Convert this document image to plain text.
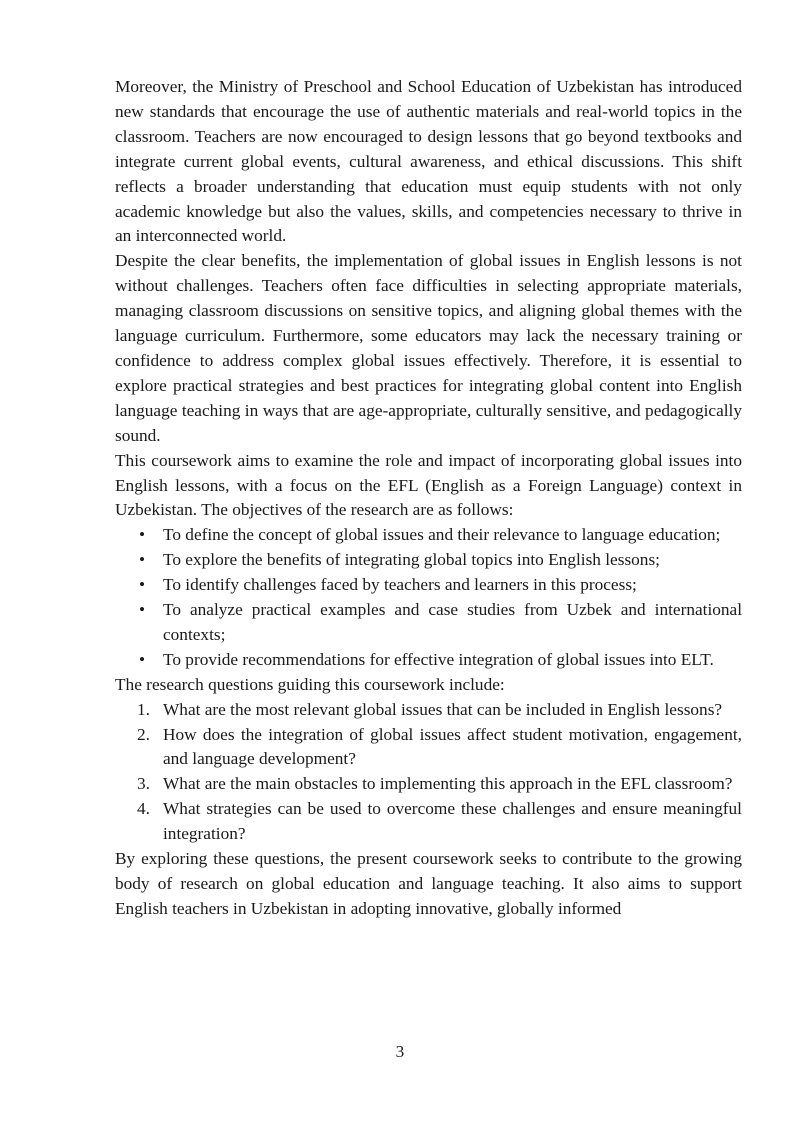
Moreover, the Ministry of Preschool and School Education of Uzbekistan has introduced new standards that encourage the use of authentic materials and real-world topics in the classroom. Teachers are now encouraged to design lessons that go beyond textbooks and integrate current global events, cultural awareness, and ethical discussions. This shift reflects a broader understanding that education must equip students with not only academic knowledge but also the values, skills, and competencies necessary to thrive in an interconnected world.

Despite the clear benefits, the implementation of global issues in English lessons is not without challenges. Teachers often face difficulties in selecting appropriate materials, managing classroom discussions on sensitive topics, and aligning global themes with the language curriculum. Furthermore, some educators may lack the necessary training or confidence to address complex global issues effectively. Therefore, it is essential to explore practical strategies and best practices for integrating global content into English language teaching in ways that are age-appropriate, culturally sensitive, and pedagogically sound.

This coursework aims to examine the role and impact of incorporating global issues into English lessons, with a focus on the EFL (English as a Foreign Language) context in Uzbekistan. The objectives of the research are as follows:

• To define the concept of global issues and their relevance to language education;
• To explore the benefits of integrating global topics into English lessons;
• To identify challenges faced by teachers and learners in this process;
• To analyze practical examples and case studies from Uzbek and international contexts;
• To provide recommendations for effective integration of global issues into ELT.

The research questions guiding this coursework include:

1. What are the most relevant global issues that can be included in English lessons?
2. How does the integration of global issues affect student motivation, engagement, and language development?
3. What are the main obstacles to implementing this approach in the EFL classroom?
4. What strategies can be used to overcome these challenges and ensure meaningful integration?

By exploring these questions, the present coursework seeks to contribute to the growing body of research on global education and language teaching. It also aims to support English teachers in Uzbekistan in adopting innovative, globally informed

3
